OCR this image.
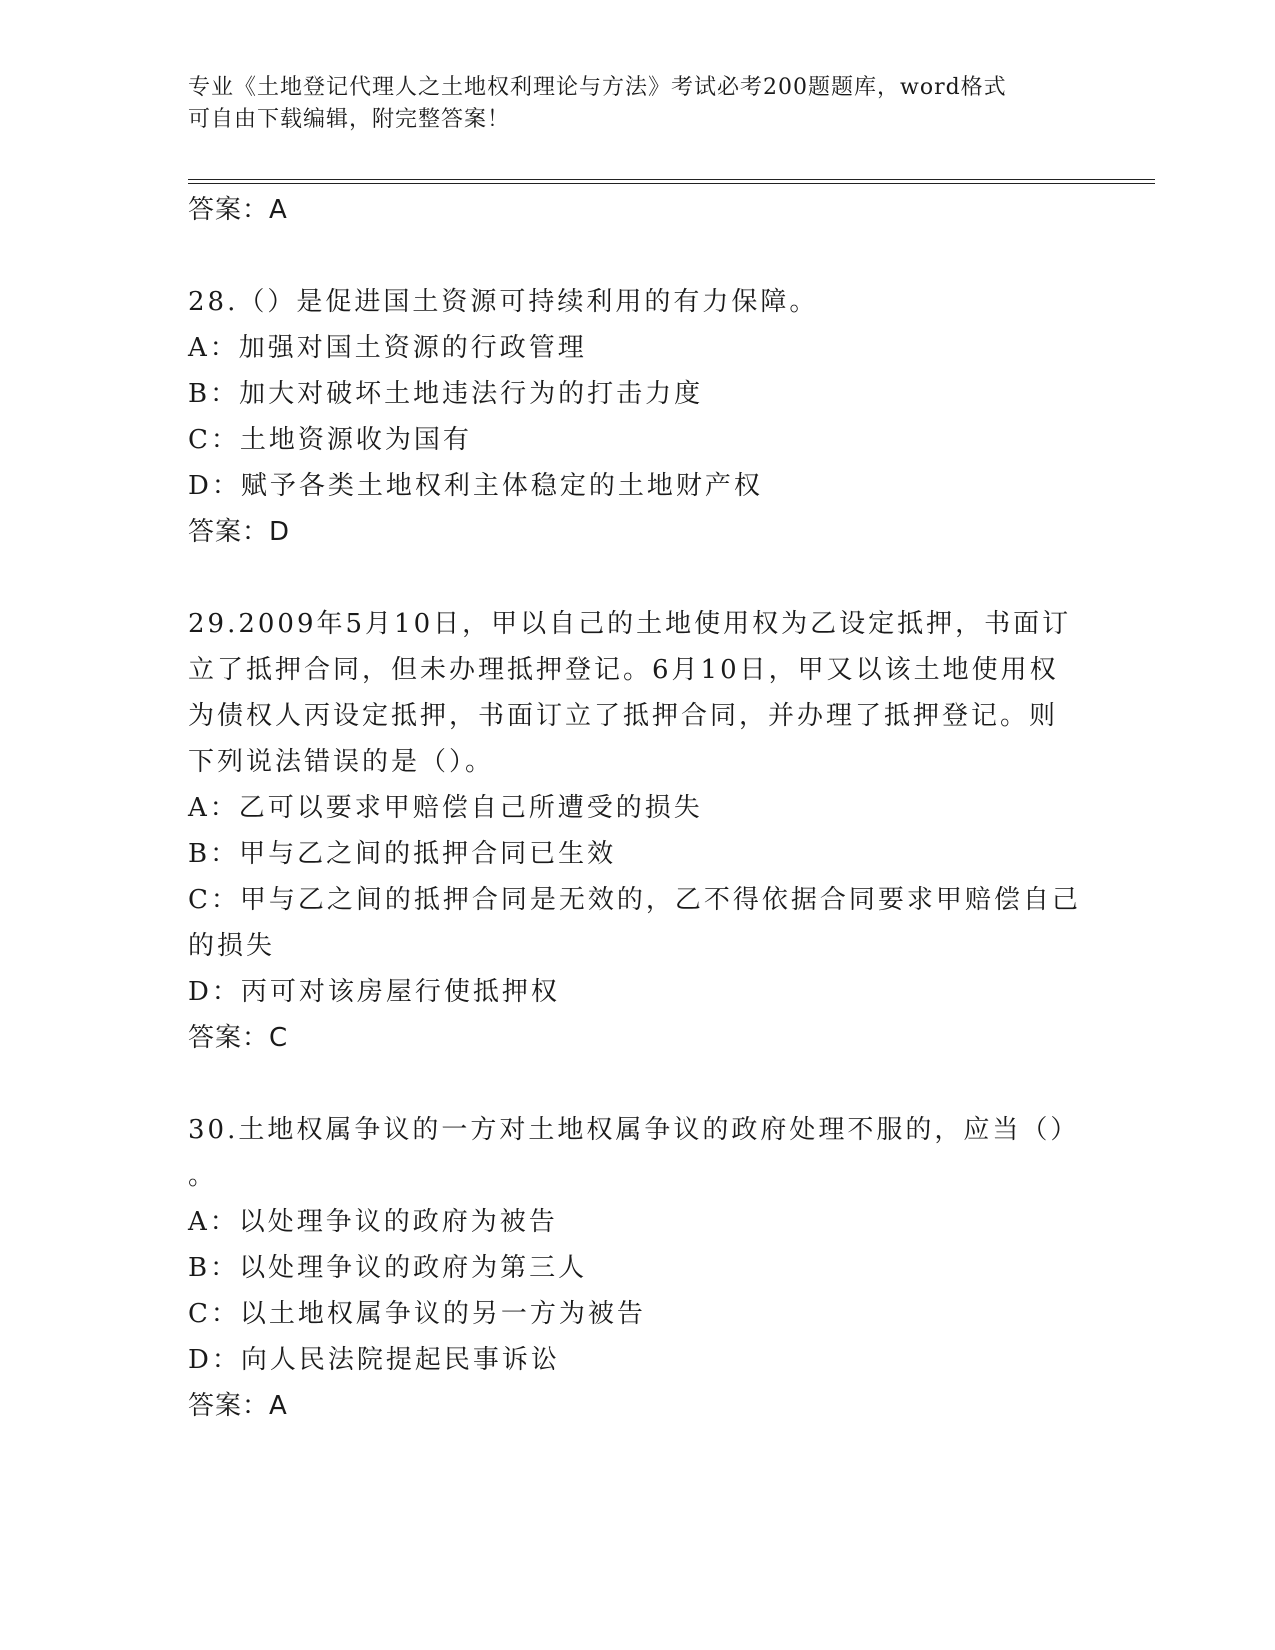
专业《土地登记代理人之土地权利理论与方法》考试必考200题题库，word格式
可自由下载编辑，附完整答案！
答案：A
28.（）是促进国土资源可持续利用的有力保障。
A：加强对国土资源的行政管理
B：加大对破坏土地违法行为的打击力度
C：土地资源收为国有
D：赋予各类土地权利主体稳定的土地财产权
答案：D
29.2009年5月10日，甲以自己的土地使用权为乙设定抵押，书面订
立了抵押合同，但未办理抵押登记。6月10日，甲又以该土地使用权
为债权人丙设定抵押，书面订立了抵押合同，并办理了抵押登记。则
下列说法错误的是（）。
A：乙可以要求甲赔偿自己所遭受的损失
B：甲与乙之间的抵押合同已生效
C：甲与乙之间的抵押合同是无效的，乙不得依据合同要求甲赔偿自己
的损失
D：丙可对该房屋行使抵押权
答案：C
30.土地权属争议的一方对土地权属争议的政府处理不服的，应当（）
。
A：以处理争议的政府为被告
B：以处理争议的政府为第三人
C：以土地权属争议的另一方为被告
D：向人民法院提起民事诉讼
答案：A
